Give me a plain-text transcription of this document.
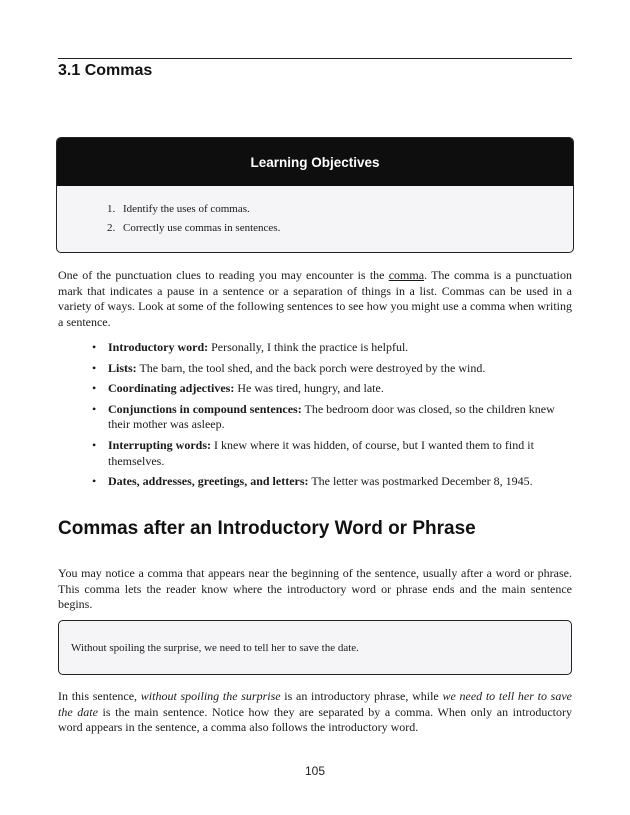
3.1 Commas
Learning Objectives
1. Identify the uses of commas.
2. Correctly use commas in sentences.

One of the punctuation clues to reading you may encounter is the comma. The comma is a punctuation mark that indicates a pause in a sentence or a separation of things in a list. Commas can be used in a variety of ways. Look at some of the following sentences to see how you might use a comma when writing a sentence.

• Introductory word: Personally, I think the practice is helpful.
• Lists: The barn, the tool shed, and the back porch were destroyed by the wind.
• Coordinating adjectives: He was tired, hungry, and late.
• Conjunctions in compound sentences: The bedroom door was closed, so the children knew their mother was asleep.
• Interrupting words: I knew where it was hidden, of course, but I wanted them to find it themselves.
• Dates, addresses, greetings, and letters: The letter was postmarked December 8, 1945.
Commas after an Introductory Word or Phrase

You may notice a comma that appears near the beginning of the sentence, usually after a word or phrase. This comma lets the reader know where the introductory word or phrase ends and the main sentence begins.

Without spoiling the surprise, we need to tell her to save the date.

In this sentence, without spoiling the surprise is an introductory phrase, while we need to tell her to save the date is the main sentence. Notice how they are separated by a comma. When only an introductory word appears in the sentence, a comma also follows the introductory word.

105
